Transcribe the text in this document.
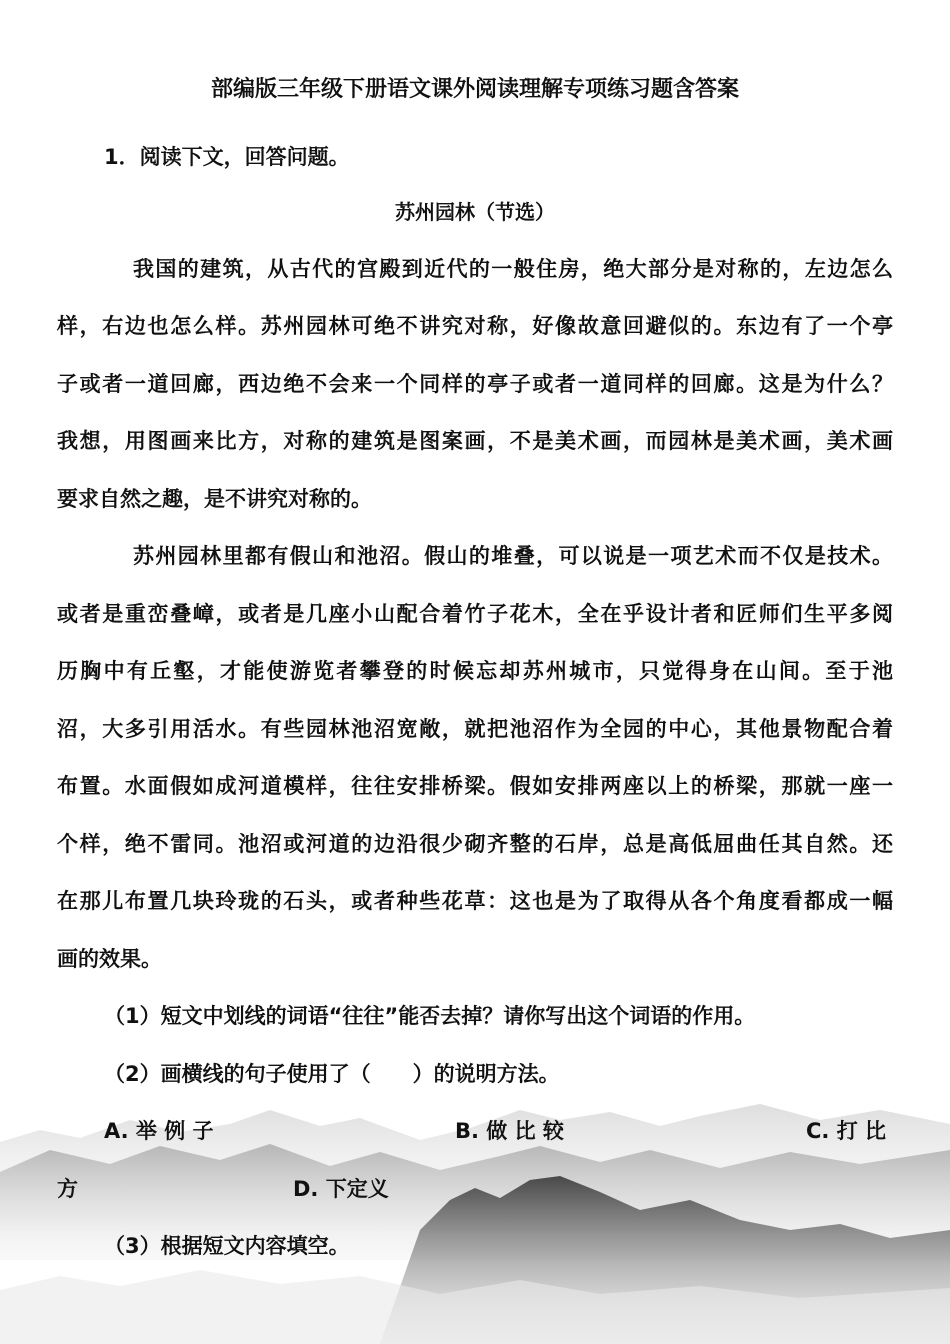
部编版三年级下册语文课外阅读理解专项练习题含答案
1．阅读下文，回答问题。
苏州园林（节选）
我国的建筑，从古代的宫殿到近代的一般住房，绝大部分是对称的，左边怎么
样，右边也怎么样。苏州园林可绝不讲究对称，好像故意回避似的。东边有了一个亭
子或者一道回廊，西边绝不会来一个同样的亭子或者一道同样的回廊。这是为什么？
我想，用图画来比方，对称的建筑是图案画，不是美术画，而园林是美术画，美术画
要求自然之趣，是不讲究对称的。
苏州园林里都有假山和池沼。假山的堆叠，可以说是一项艺术而不仅是技术。
或者是重峦叠嶂，或者是几座小山配合着竹子花木，全在乎设计者和匠师们生平多阅
历胸中有丘壑，才能使游览者攀登的时候忘却苏州城市，只觉得身在山间。至于池
沼，大多引用活水。有些园林池沼宽敞，就把池沼作为全园的中心，其他景物配合着
布置。水面假如成河道模样，往往安排桥梁。假如安排两座以上的桥梁，那就一座一
个样，绝不雷同。池沼或河道的边沿很少砌齐整的石岸，总是高低屈曲任其自然。还
在那儿布置几块玲珑的石头，或者种些花草：这也是为了取得从各个角度看都成一幅
画的效果。
（1）短文中划线的词语“往往”能否去掉？请你写出这个词语的作用。
（2）画横线的句子使用了（　　）的说明方法。
A. 举 例 子	B. 做 比 较	C. 打 比
方	D. 下定义
（3）根据短文内容填空。
